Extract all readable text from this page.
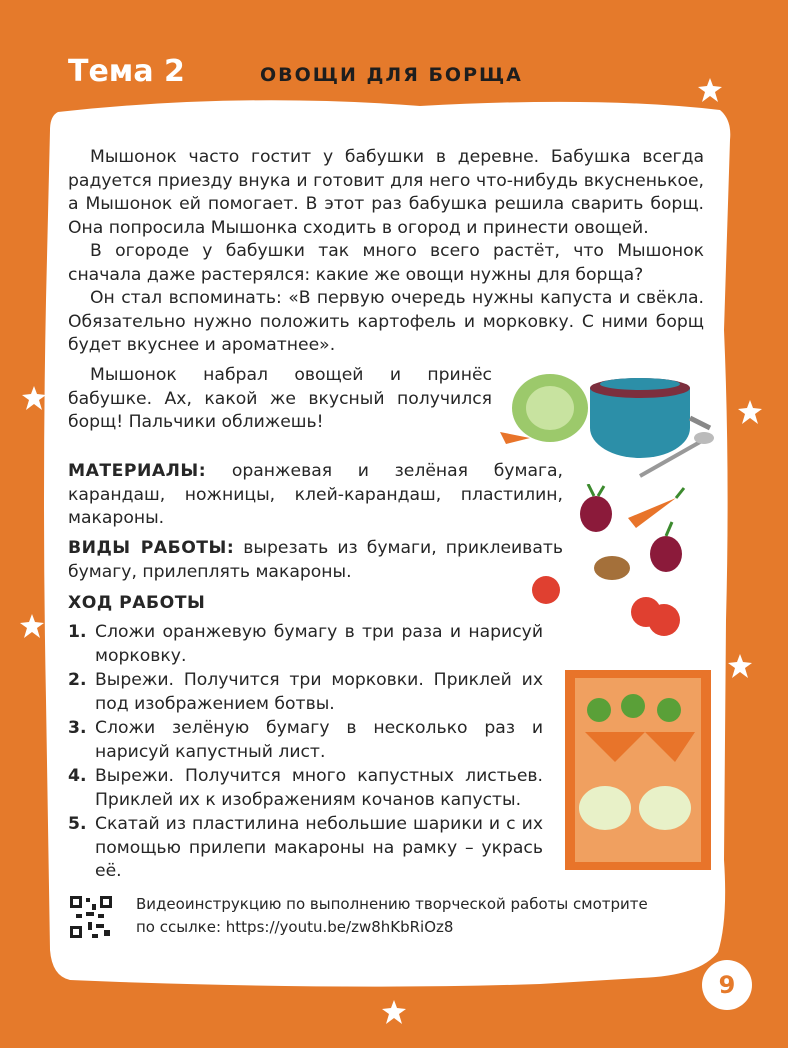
Тема 2	ОВОЩИ ДЛЯ БОРЩА

Мышонок часто гостит у бабушки в деревне. Бабушка всегда радуется приезду внука и готовит для него что-нибудь вкусненькое, а Мышонок ей помогает. В этот раз бабушка решила сварить борщ. Она попросила Мышонка сходить в огород и принести овощей.

В огороде у бабушки так много всего растёт, что Мышонок сначала даже растерялся: какие же овощи нужны для борща?

Он стал вспоминать: «В первую очередь нужны капуста и свёкла. Обязательно нужно положить картофель и морковку. С ними борщ будет вкуснее и ароматнее».

Мышонок набрал овощей и принёс бабушке. Ах, какой же вкусный получился борщ! Пальчики оближешь!

МАТЕРИАЛЫ: оранжевая и зелёная бумага, карандаш, ножницы, клей-карандаш, пластилин, макароны.
ВИДЫ РАБОТЫ: вырезать из бумаги, приклеивать бумагу, прилеплять макароны.
ХОД РАБОТЫ
1. Сложи оранжевую бумагу в три раза и нарисуй морковку.
2. Вырежи. Получится три морковки. Приклей их под изображением ботвы.
3. Сложи зелёную бумагу в несколько раз и нарисуй капустный лист.
4. Вырежи. Получится много капустных листьев. Приклей их к изображениям кочанов капусты.
5. Скатай из пластилина небольшие шарики и с их помощью прилепи макароны на рамку – укрась её.
Видеоинструкцию по выполнению творческой работы смотрите
по ссылке: https://youtu.be/zw8hKbRiOz8
9
